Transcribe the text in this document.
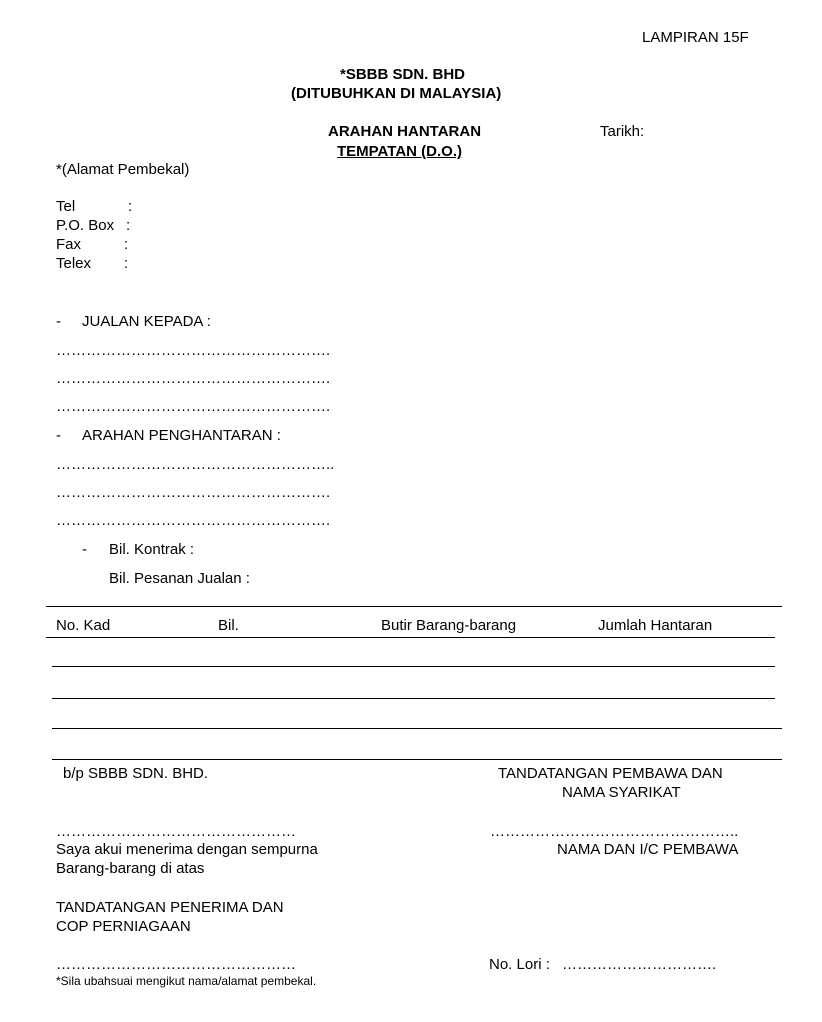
LAMPIRAN 15F
*SBBB SDN. BHD
(DITUBUHKAN DI MALAYSIA)
ARAHAN HANTARAN
TEMPATAN (D.O.)
Tarikh:
*(Alamat Pembekal)
Tel	:
P.O. Box :
Fax	:
Telex :
- JUALAN KEPADA :
……………………………………………….
……………………………………………….
……………………………………………….
- ARAHAN PENGHANTARAN :
………………………………………………..
……………………………………………….
……………………………………………….
- Bil. Kontrak :
Bil. Pesanan Jualan :
No. Kad	Bil.	Butir Barang-barang	Jumlah Hantaran
b/p SBBB SDN. BHD.	TANDATANGAN PEMBAWA DAN
NAMA SYARIKAT
…………………………………………	…………………………………………..
Saya akui menerima dengan sempurna	NAMA DAN I/C PEMBAWA
Barang-barang di atas
TANDATANGAN PENERIMA DAN
COP PERNIAGAAN
…………………………………………	No. Lori : ………………………….
*Sila ubahsuai mengikut nama/alamat pembekal.
